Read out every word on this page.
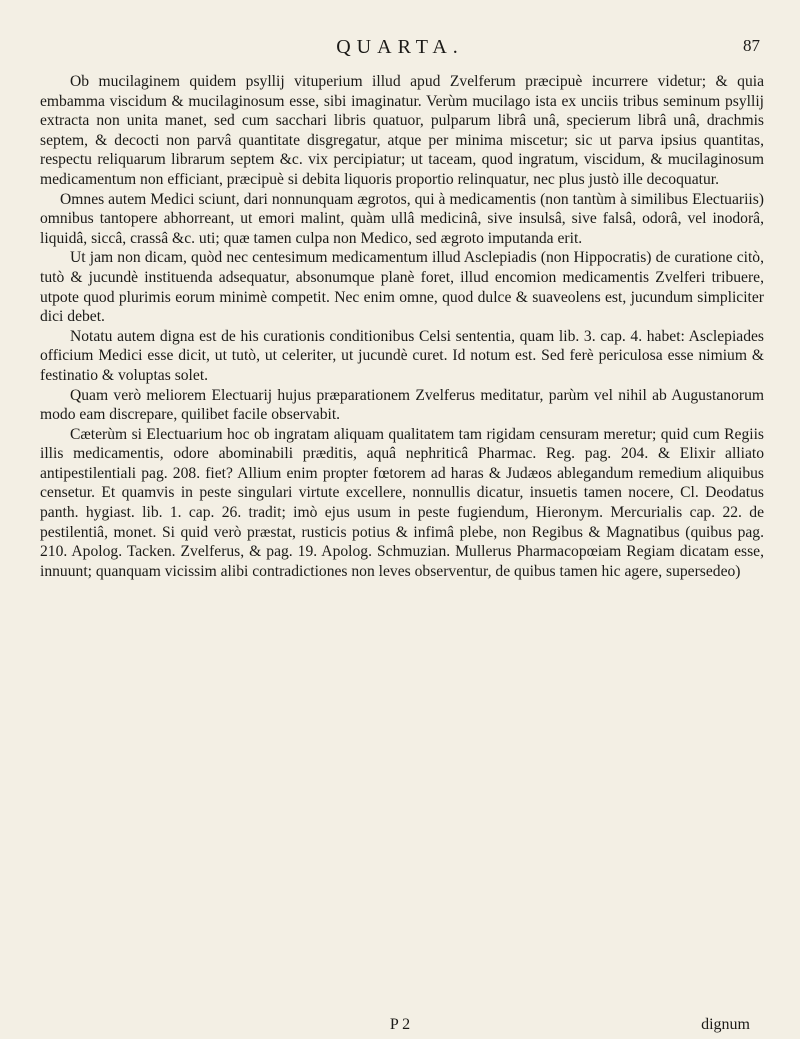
QUARTA.	87

Ob mucilaginem quidem psyllij vituperium illud apud Zvelferum præcipuè incurrere videtur; & quia embamma viscidum & mucilaginosum esse, sibi imaginatur. Verùm mucilago ista ex unciis tribus seminum psyllij extracta non unita manet, sed cum sacchari libris quatuor, pulparum librâ unâ, specierum librâ unâ, drachmis septem, & decocti non parvâ quantitate disgregatur, atque per minima miscetur; sic ut parva ipsius quantitas, respectu reliquarum librarum septem &c. vix percipiatur; ut taceam, quod ingratum, viscidum, & mucilaginosum medicamentum non efficiant, præcipuè si debita liquoris proportio relinquatur, nec plus justò ille decoquatur.

Omnes autem Medici sciunt, dari nonnunquam ægrotos, qui à medicamentis (non tantùm à similibus Electuariis) omnibus tantopere abhorreant, ut emori malint, quàm ullâ medicinâ, sive insulsâ, sive falsâ, odorâ, vel inodorâ, liquidâ, siccâ, crassâ &c. uti; quæ tamen culpa non Medico, sed ægroto imputanda erit.

Ut jam non dicam, quòd nec centesimum medicamentum illud Asclepiadis (non Hippocratis) de curatione citò, tutò & jucundè instituenda adsequatur, absonumque planè foret, illud encomion medicamentis Zvelferi tribuere, utpote quod plurimis eorum minimè competit. Nec enim omne, quod dulce & suaveolens est, jucundum simpliciter dici debet.

Notatu autem digna est de his curationis conditionibus Celsi sententia, quam lib. 3. cap. 4. habet: Asclepiades officium Medici esse dicit, ut tutò, ut celeriter, ut jucundè curet. Id notum est. Sed ferè periculosa esse nimium & festinatio & voluptas solet.

Quam verò meliorem Electuarij hujus præparationem Zvelferus meditatur, parùm vel nihil ab Augustanorum modo eam discrepare, quilibet facile observabit.

Cæterùm si Electuarium hoc ob ingratam aliquam qualitatem tam rigidam censuram meretur; quid cum Regiis illis medicamentis, odore abominabili præditis, aquâ nephriticâ Pharmac. Reg. pag. 204. & Elixir alliato antipestilentiali pag. 208. fiet? Allium enim propter fœtorem ad haras & Judæos ablegandum remedium aliquibus censetur. Et quamvis in peste singulari virtute excellere, nonnullis dicatur, insuetis tamen nocere, Cl. Deodatus panth. hygiast. lib. 1. cap. 26. tradit; imò ejus usum in peste fugiendum, Hieronym. Mercurialis cap. 22. de pestilentiâ, monet. Si quid verò præstat, rusticis potius & infimâ plebe, non Regibus & Magnatibus (quibus pag. 210. Apolog. Tacken. Zvelferus, & pag. 19. Apolog. Schmuzian. Mullerus Pharmacopœiam Regiam dicatam esse, innuunt; quanquam vicissim alibi contradictiones non leves observentur, de quibus tamen hic agere, supersedeo)

P 2	dignum
